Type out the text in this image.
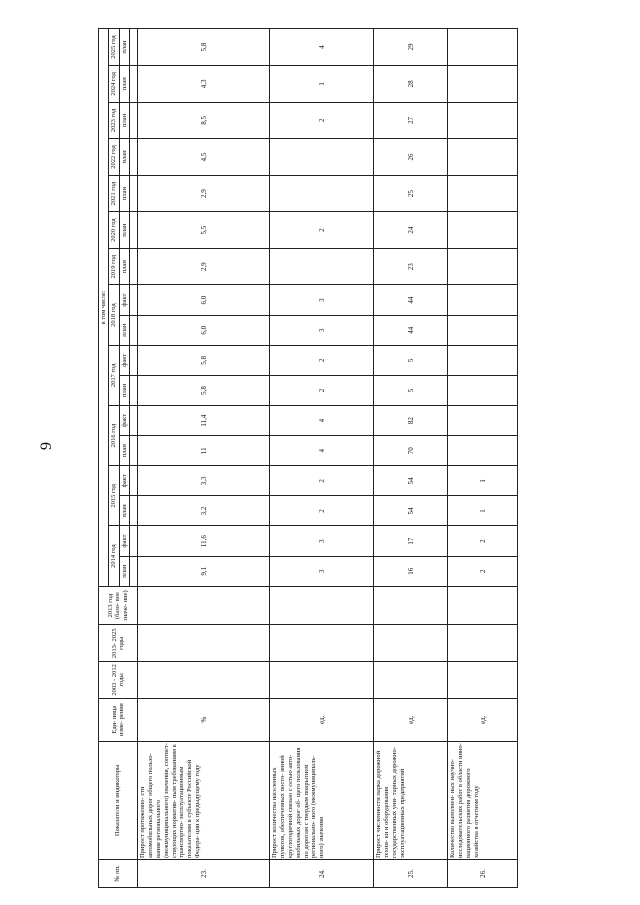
9
№ пп.	Показатели и индикаторы	Еди- ница изме- рения	2003 - 2012 годы	2013- 2025 годы	2013 год (базо- вое значе- ние)	в том числе:																
						2014 год		2015 год		2016 год		2017 год		2018 год		2019 год	2020 год	2021 год	2022 год	2023 год	2024 год	2025 год
						план	факт	план	факт	план	факт	план	факт	план	факт	план	план	план	план	план	план	план

23.	Прирост протяженно- сти автомобильных дорог общего пользо- вания регионального (межмуниципального) значения, соответ- ствующих норматив- ным требованиям к транспортно- эксплуатационным показателям в субъекте Российской Федера- ции к предыдущему году	%				9,1	11,6	3,2	3,3	11	11,4	5,8	5,8	6,0	6,0	2,9	5,5	2,9	4,5	8,5	4,3	5,8
24.	Прирост количества населенных пунктов, обеспеченных посто- янной круглогодичной связью с сетью авто- мобильных дорог об- щего пользования по дорогам с твердым покрытием регионально- ного (межмуниципаль- ного) значения	ед.				3	3	2	2	4	4	2	2	3	3		2			2	1	4
25.	Прирост численности парка дорожной техни- ки и оборудования государственных уни- тарных дорожно- эксплуатационных предприятий	ед.				16	17	54	54	70	82	5	5	44	44	23	24	25	26	27	28	29
26.	Количество выполнен- ных научно- исследовательских работ в области инно- вационного развития дорожного хозяйства в отчетном году	ед.				2	2	1	1													
